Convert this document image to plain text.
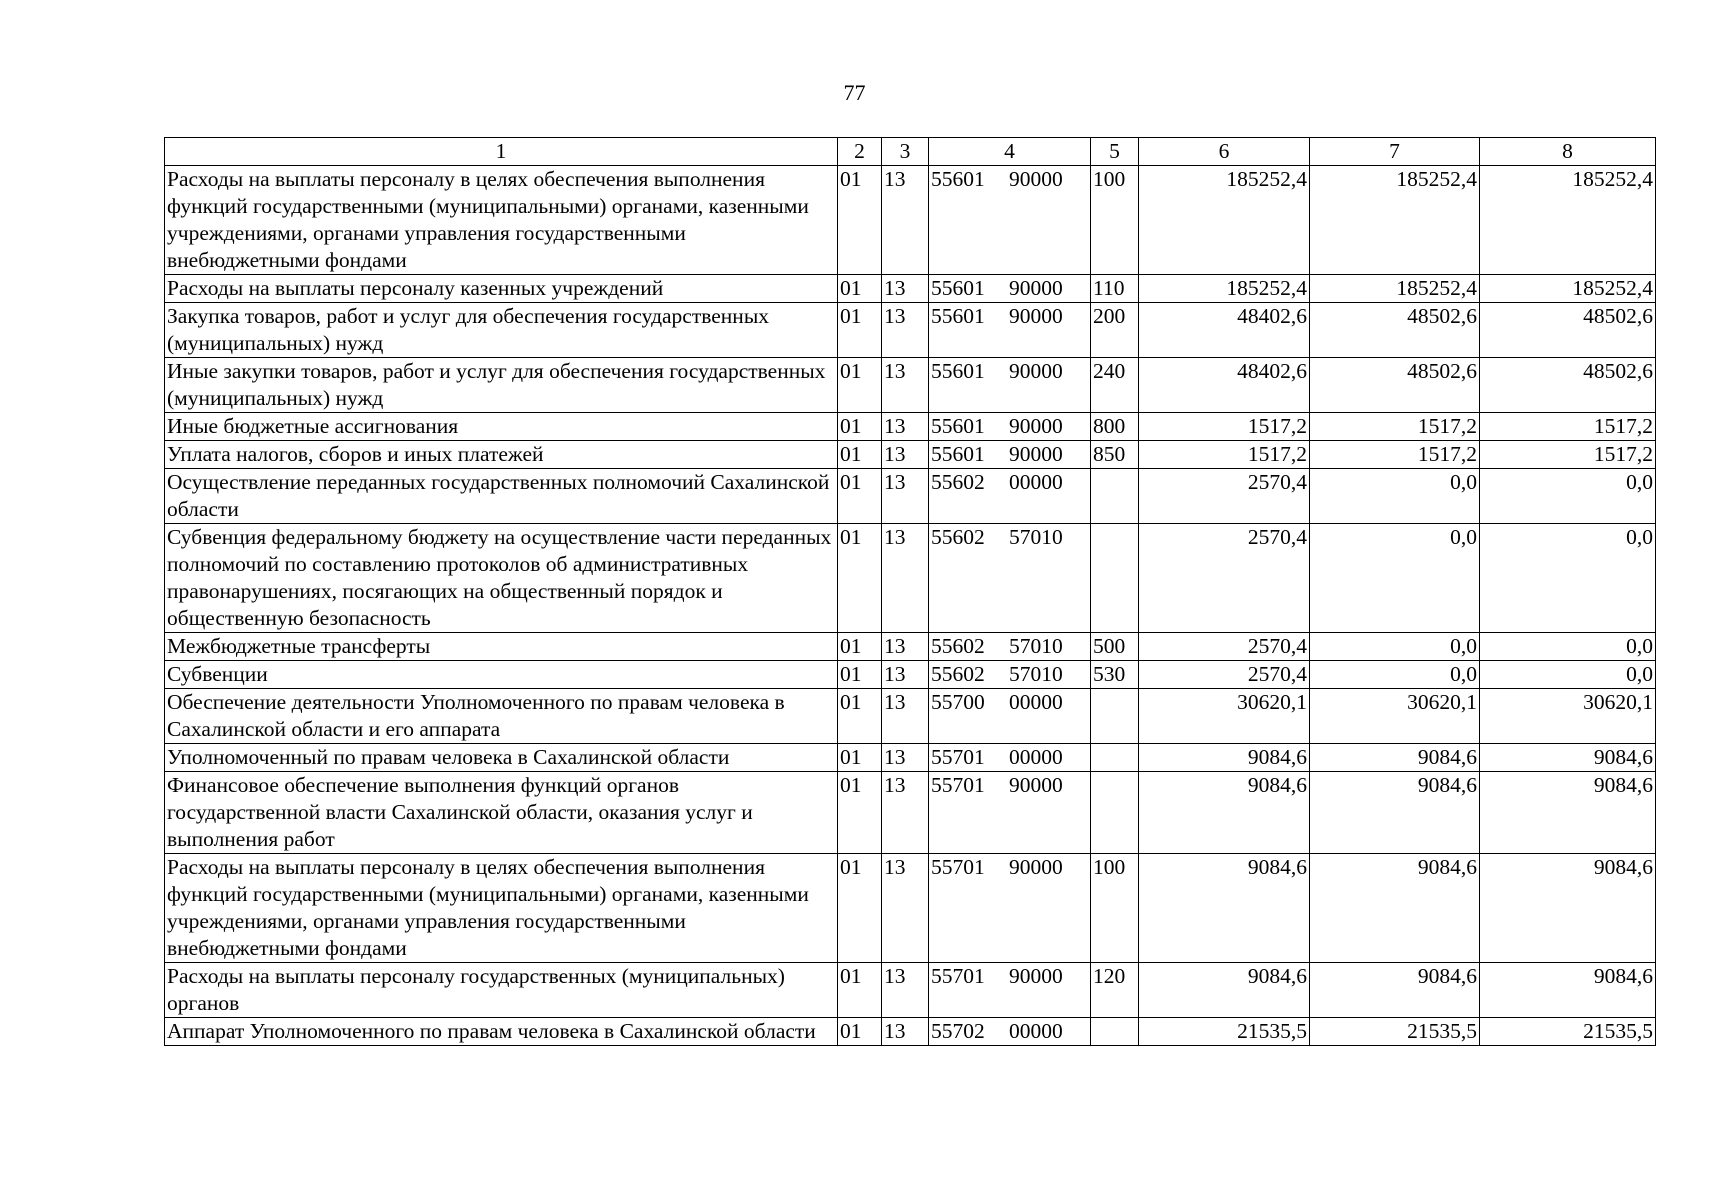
77
1	2	3	4	5	6	7	8
Расходы на выплаты персоналу в целях обеспечения выполнения функций государственными (муниципальными) органами, казенными учреждениями, органами управления государственными внебюджетными фондами	01	13	55601 90000	100	185252,4	185252,4	185252,4
Расходы на выплаты персоналу казенных учреждений	01	13	55601 90000	110	185252,4	185252,4	185252,4
Закупка товаров, работ и услуг для обеспечения государственных (муниципальных) нужд	01	13	55601 90000	200	48402,6	48502,6	48502,6
Иные закупки товаров, работ и услуг для обеспечения государственных (муниципальных) нужд	01	13	55601 90000	240	48402,6	48502,6	48502,6
Иные бюджетные ассигнования	01	13	55601 90000	800	1517,2	1517,2	1517,2
Уплата налогов, сборов и иных платежей	01	13	55601 90000	850	1517,2	1517,2	1517,2
Осуществление переданных государственных полномочий Сахалинской области	01	13	55602 00000		2570,4	0,0	0,0
Субвенция федеральному бюджету на осуществление части переданных полномочий по составлению протоколов об административных правонарушениях, посягающих на общественный порядок и общественную безопасность	01	13	55602 57010		2570,4	0,0	0,0
Межбюджетные трансферты	01	13	55602 57010	500	2570,4	0,0	0,0
Субвенции	01	13	55602 57010	530	2570,4	0,0	0,0
Обеспечение деятельности Уполномоченного по правам человека в Сахалинской области и его аппарата	01	13	55700 00000		30620,1	30620,1	30620,1
Уполномоченный по правам человека в Сахалинской области	01	13	55701 00000		9084,6	9084,6	9084,6
Финансовое обеспечение выполнения функций органов государственной власти Сахалинской области, оказания услуг и выполнения работ	01	13	55701 90000		9084,6	9084,6	9084,6
Расходы на выплаты персоналу в целях обеспечения выполнения функций государственными (муниципальными) органами, казенными учреждениями, органами управления государственными внебюджетными фондами	01	13	55701 90000	100	9084,6	9084,6	9084,6
Расходы на выплаты персоналу государственных (муниципальных) органов	01	13	55701 90000	120	9084,6	9084,6	9084,6
Аппарат Уполномоченного по правам человека в Сахалинской области	01	13	55702 00000		21535,5	21535,5	21535,5
